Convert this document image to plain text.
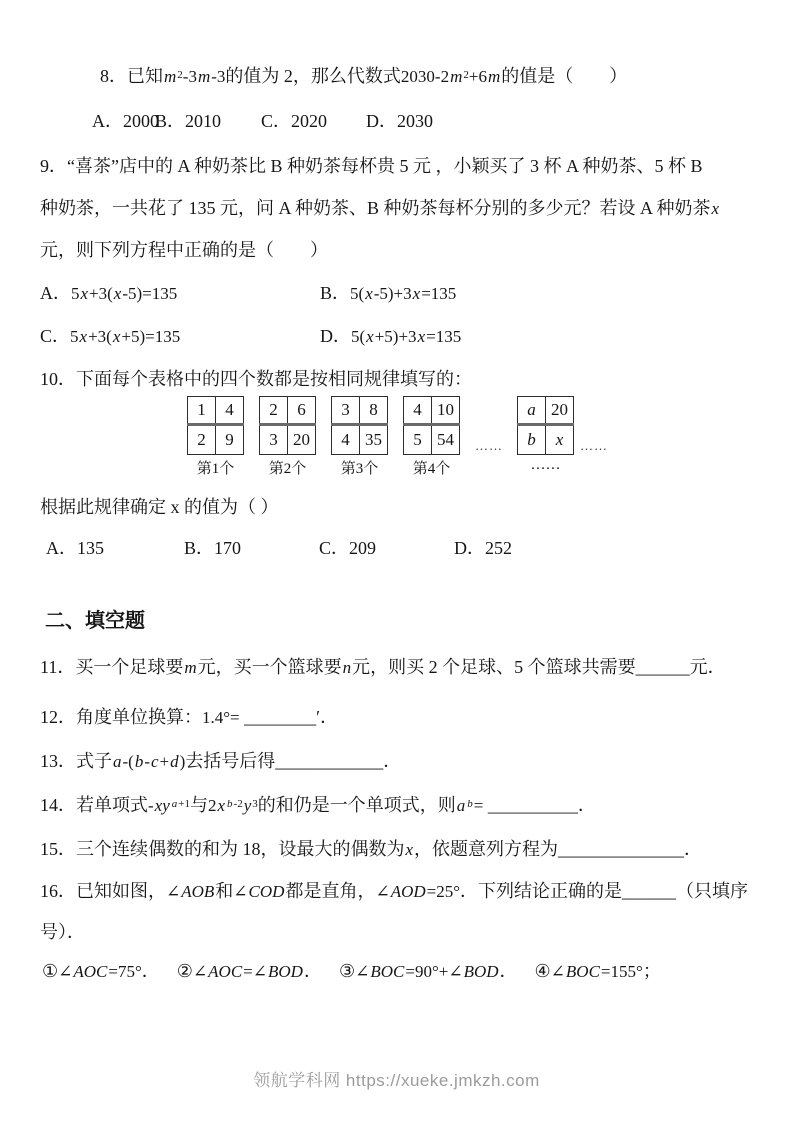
8．已知$m^2-3m-3$的值为 2，那么代数式$2030-2m^2+6m$的值是（　　）
A．2000
B．2010	C．2020	D．2030
9．“喜茶”店中的 A 种奶茶比 B 种奶茶每杯贵 5 元 ，小颖买了 3 杯 A 种奶茶、5 杯 B
种奶茶，一共花了 135 元，问 A 种奶茶、B 种奶茶每杯分别的多少元？若设 A 种奶茶x
元，则下列方程中正确的是（　　）
A．5x+3(x-5)=135	B．5(x-5)+3x=135
C．5x+3(x+5)=135	D．5(x+5)+3x=135
10．下面每个表格中的四个数都是按相同规律填写的：
1	4
2	9
第1个
2	6
3	20
第2个
3	8
4	35
第3个
4	10
5	54
第4个
……
a	20
b	x
……
……
根据此规律确定 x 的值为（ ）
A．135	B．170	C．209	D．252
二、填空题
11．买一个足球要m元，买一个篮球要n元，则买 2 个足球、5 个篮球共需要______元．
12．角度单位换算：1.4°= ________′．
13．式子a-(b-c+d)去括号后得____________．
14．若单项式-xy $^{a+1}$与2x $^{b-2}y^3$的和仍是一个单项式，则a $^b$= __________．
15．三个连续偶数的和为 18，设最大的偶数为x，依题意列方程为______________．
16．已知如图，∠AOB和∠COD都是直角，∠AOD=25°．下列结论正确的是______（只填序
号）．
①∠AOC=75°． ②∠AOC=∠BOD． ③∠BOC=90°+∠BOD． ④∠BOC=155°；
领航学科网 https://xueke.jmkzh.com
